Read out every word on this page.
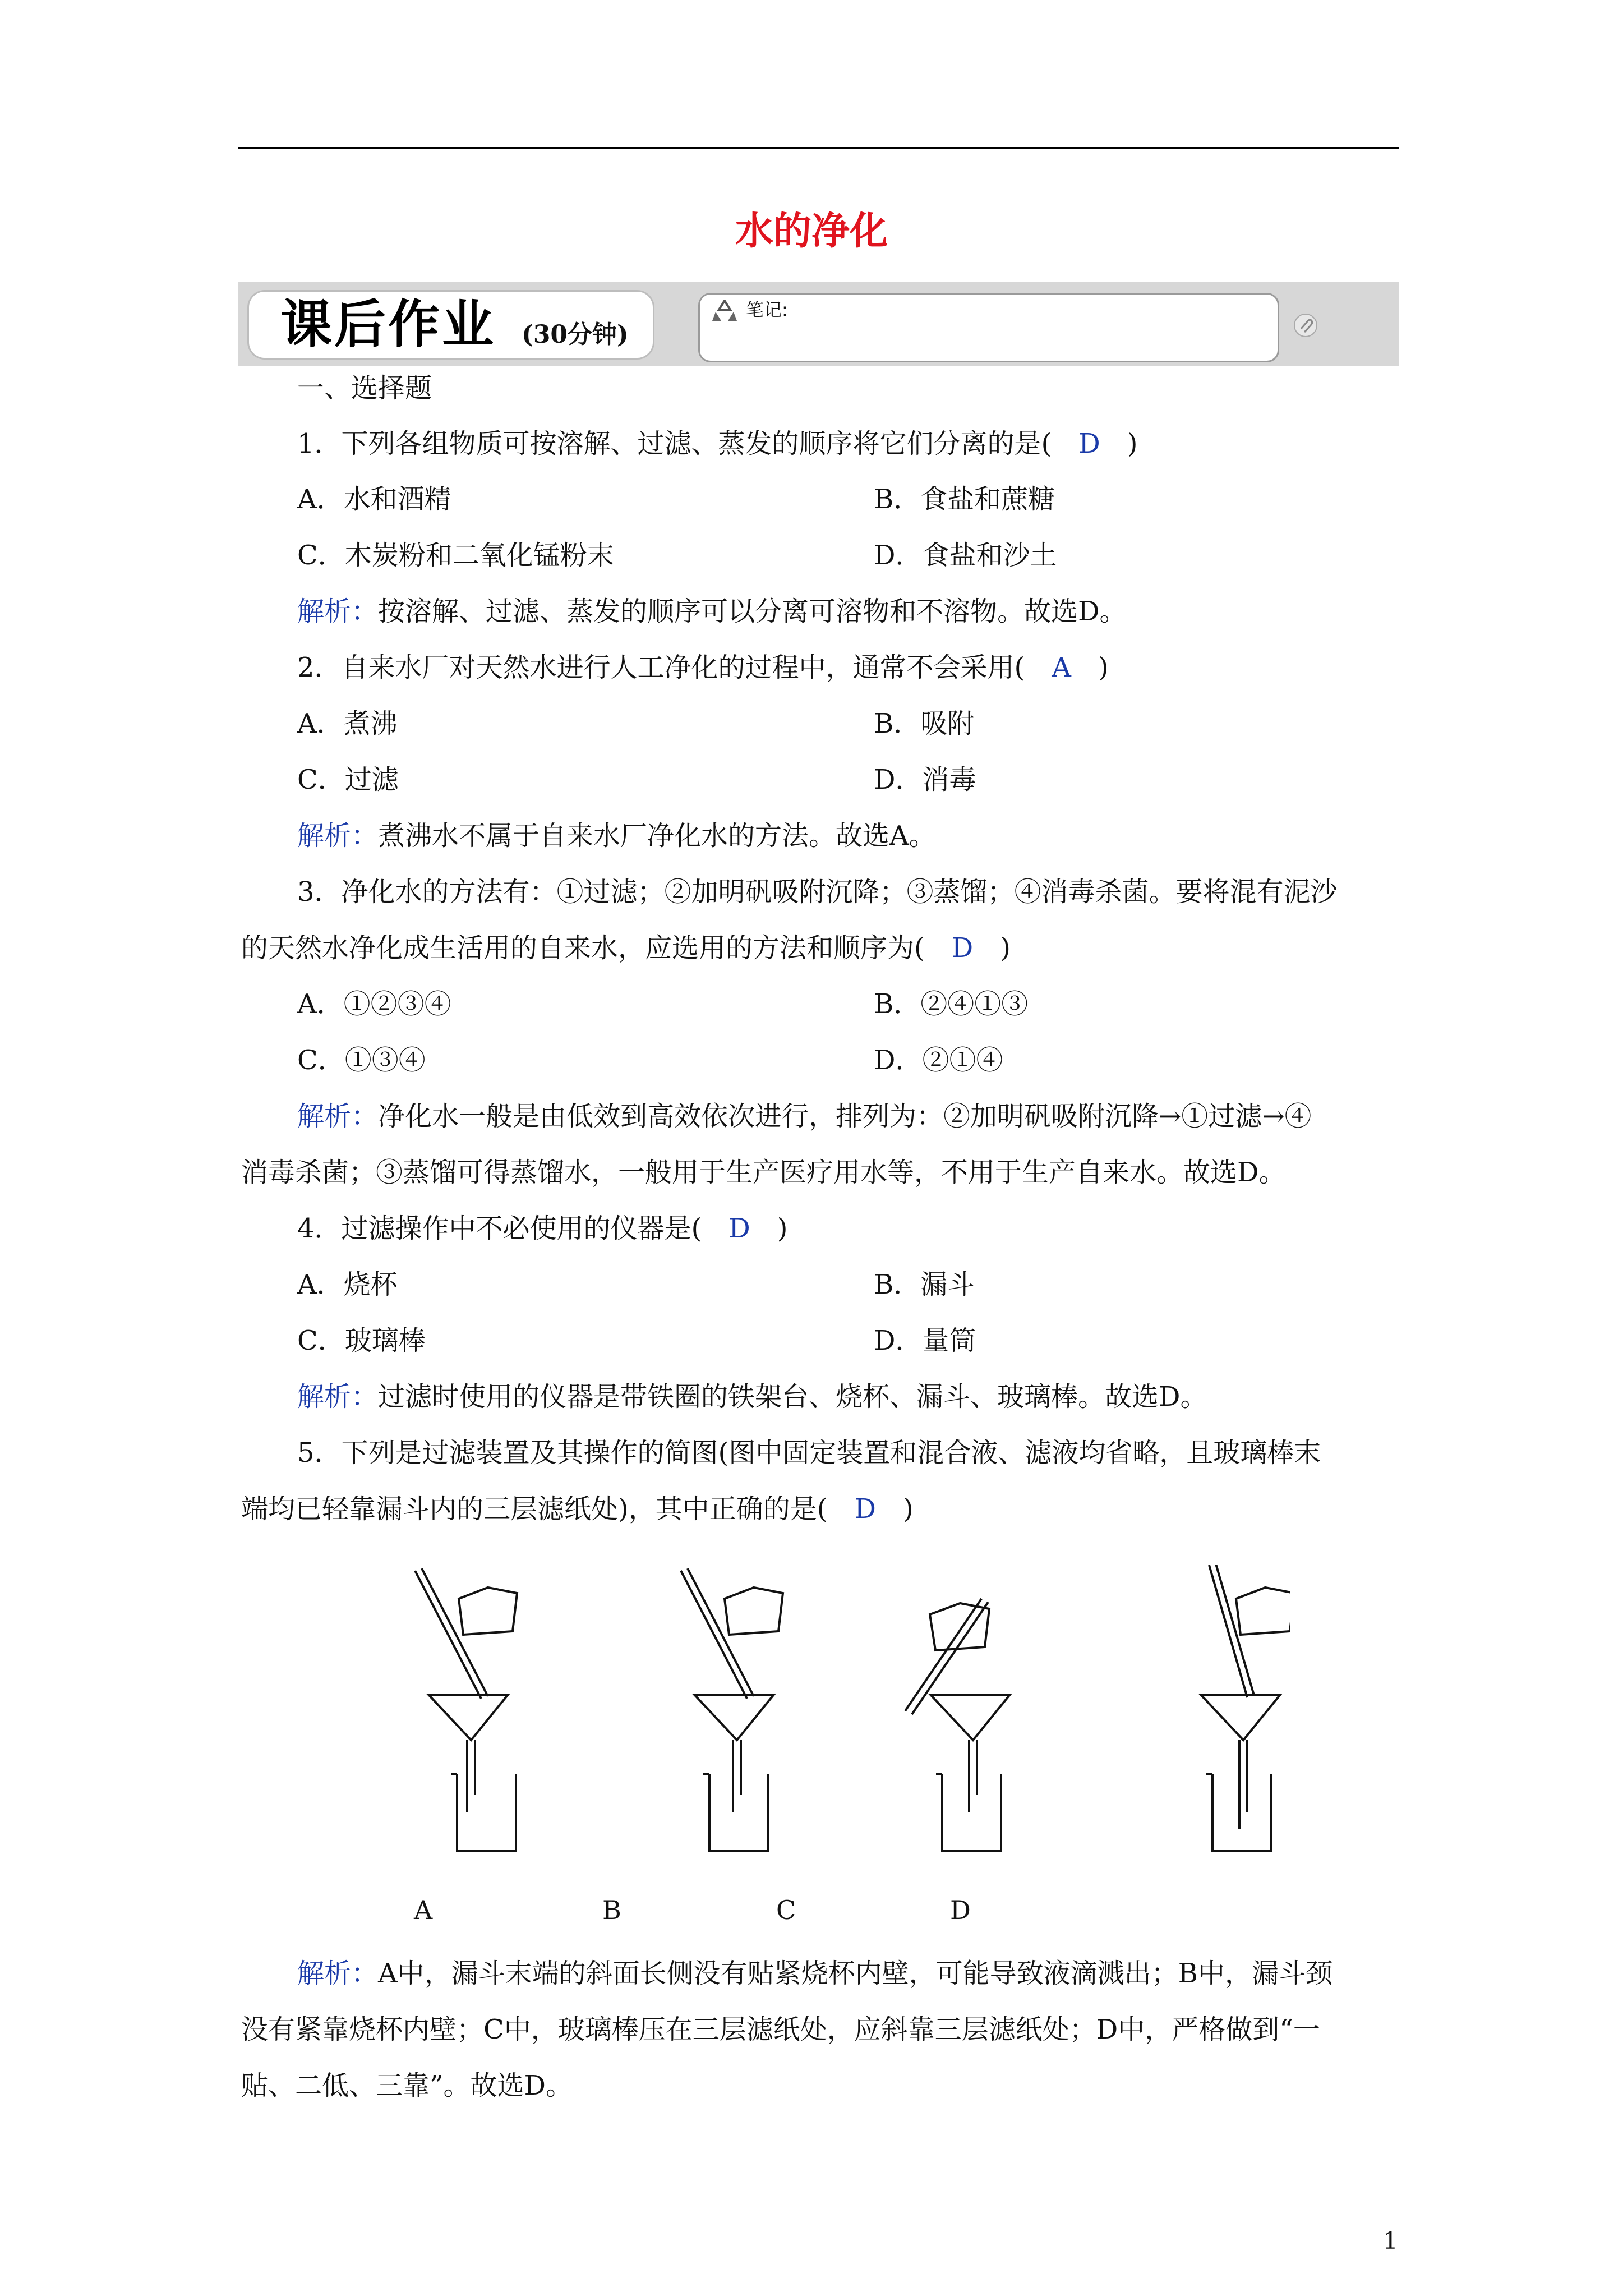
水的净化
课后作业 (30分钟)
笔记:
一、选择题
1．下列各组物质可按溶解、过滤、蒸发的顺序将它们分离的是(　D　)
A．水和酒精	B．食盐和蔗糖
C．木炭粉和二氧化锰粉末	D．食盐和沙土
解析：按溶解、过滤、蒸发的顺序可以分离可溶物和不溶物。故选D。
2．自来水厂对天然水进行人工净化的过程中，通常不会采用(　A　)
A．煮沸	B．吸附
C．过滤	D．消毒
解析：煮沸水不属于自来水厂净化水的方法。故选A。
3．净化水的方法有：①过滤；②加明矾吸附沉降；③蒸馏；④消毒杀菌。要将混有泥沙
的天然水净化成生活用的自来水，应选用的方法和顺序为(　D　)
A．①②③④	B．②④①③
C．①③④	D．②①④
解析：净化水一般是由低效到高效依次进行，排列为：②加明矾吸附沉降→①过滤→④
消毒杀菌；③蒸馏可得蒸馏水，一般用于生产医疗用水等，不用于生产自来水。故选D。
4．过滤操作中不必使用的仪器是(　D　)
A．烧杯	B．漏斗
C．玻璃棒	D．量筒
解析：过滤时使用的仪器是带铁圈的铁架台、烧杯、漏斗、玻璃棒。故选D。
5．下列是过滤装置及其操作的简图(图中固定装置和混合液、滤液均省略，且玻璃棒末
端均已轻靠漏斗内的三层滤纸处)，其中正确的是(　D　)
A	B	C	D
解析：A中，漏斗末端的斜面长侧没有贴紧烧杯内壁，可能导致液滴溅出；B中，漏斗颈
没有紧靠烧杯内壁；C中，玻璃棒压在三层滤纸处，应斜靠三层滤纸处；D中，严格做到“一
贴、二低、三靠”。故选D。
1
